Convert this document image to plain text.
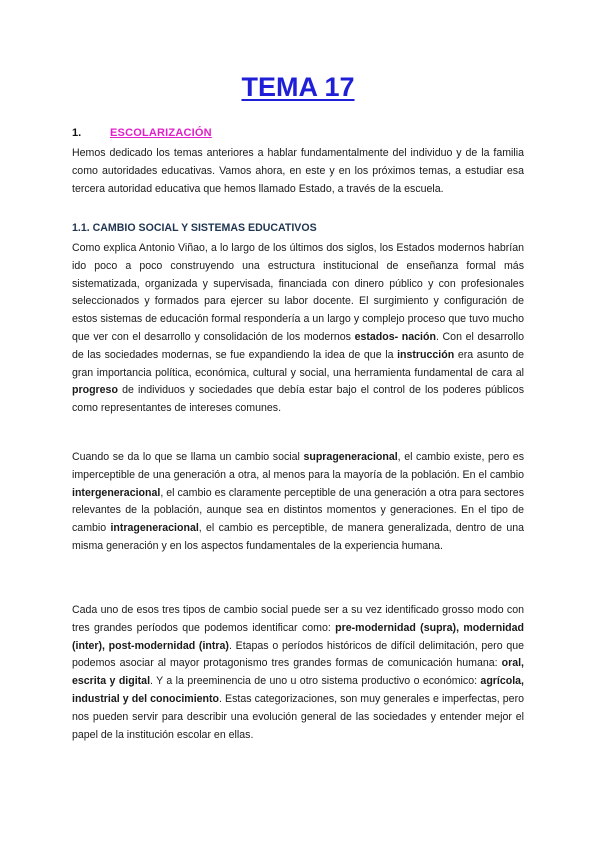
TEMA 17
1.	ESCOLARIZACIÓN

Hemos dedicado los temas anteriores a hablar fundamentalmente del individuo y de la familia como autoridades educativas. Vamos ahora, en este y en los próximos temas, a estudiar esa tercera autoridad educativa que hemos llamado Estado, a través de la escuela.

1.1. CAMBIO SOCIAL Y SISTEMAS EDUCATIVOS

Como explica Antonio Viñao, a lo largo de los últimos dos siglos, los Estados modernos habrían ido poco a poco construyendo una estructura institucional de enseñanza formal más sistematizada, organizada y supervisada, financiada con dinero público y con profesionales seleccionados y formados para ejercer su labor docente. El surgimiento y configuración de estos sistemas de educación formal respondería a un largo y complejo proceso que tuvo mucho que ver con el desarrollo y consolidación de los modernos estados- nación. Con el desarrollo de las sociedades modernas, se fue expandiendo la idea de que la instrucción era asunto de gran importancia política, económica, cultural y social, una herramienta fundamental de cara al progreso de individuos y sociedades que debía estar bajo el control de los poderes públicos como representantes de intereses comunes.

Cuando se da lo que se llama un cambio social suprageneracional, el cambio existe, pero es imperceptible de una generación a otra, al menos para la mayoría de la población. En el cambio intergeneracional, el cambio es claramente perceptible de una generación a otra para sectores relevantes de la población, aunque sea en distintos momentos y generaciones. En el tipo de cambio intrageneracional, el cambio es perceptible, de manera generalizada, dentro de una misma generación y en los aspectos fundamentales de la experiencia humana.

Cada uno de esos tres tipos de cambio social puede ser a su vez identificado grosso modo con tres grandes períodos que podemos identificar como: pre-modernidad (supra), modernidad (inter), post-modernidad (intra). Etapas o períodos históricos de difícil delimitación, pero que podemos asociar al mayor protagonismo tres grandes formas de comunicación humana: oral, escrita y digital. Y a la preeminencia de uno u otro sistema productivo o económico: agrícola, industrial y del conocimiento. Estas categorizaciones, son muy generales e imperfectas, pero nos pueden servir para describir una evolución general de las sociedades y entender mejor el papel de la institución escolar en ellas.
